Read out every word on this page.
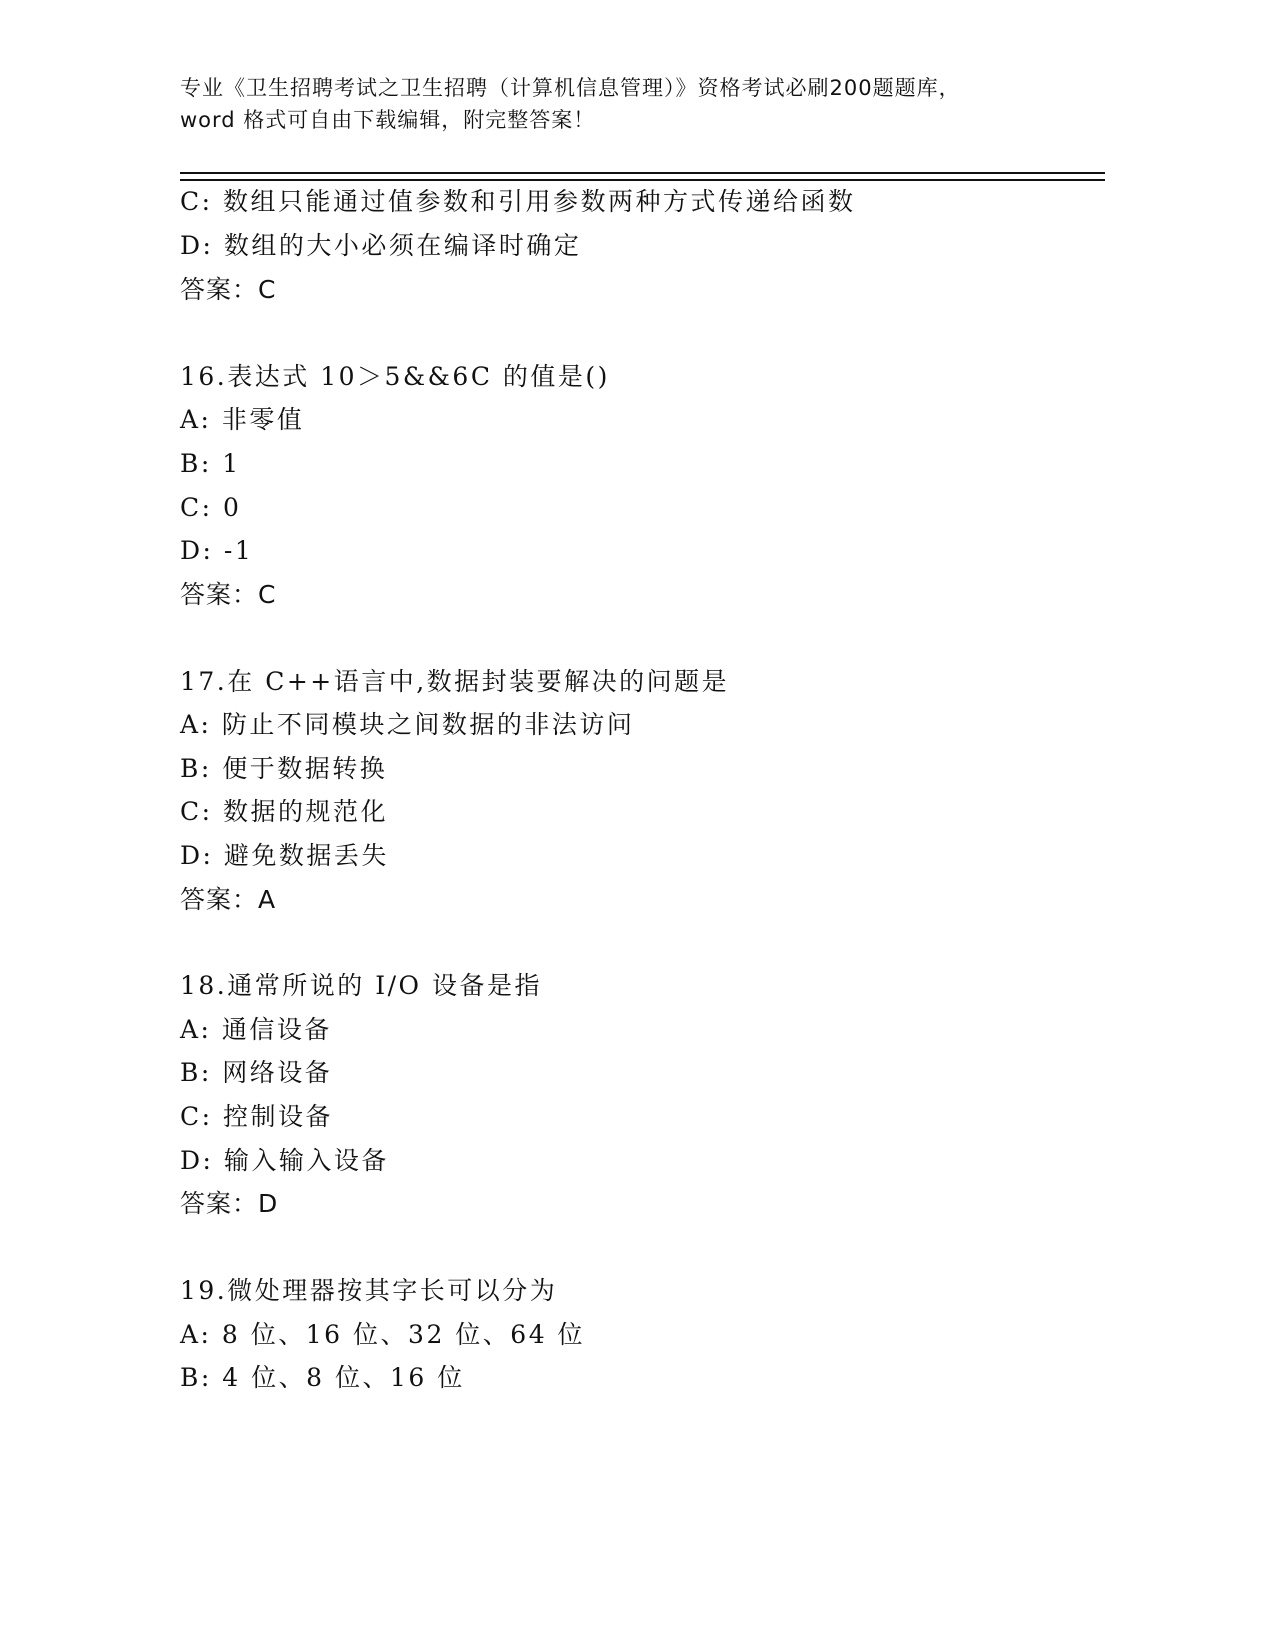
专业《卫生招聘考试之卫生招聘（计算机信息管理）》资格考试必刷200题题库，
word 格式可自由下载编辑，附完整答案！
C: 数组只能通过值参数和引用参数两种方式传递给函数
D: 数组的大小必须在编译时确定
答案：C
16.表达式 10＞5&&6C 的值是()
A: 非零值
B: 1
C: 0
D: -1
答案：C
17.在 C++语言中,数据封装要解决的问题是
A: 防止不同模块之间数据的非法访问
B: 便于数据转换
C: 数据的规范化
D: 避免数据丢失
答案：A
18.通常所说的 I/O 设备是指
A: 通信设备
B: 网络设备
C: 控制设备
D: 输入输入设备
答案：D
19.微处理器按其字长可以分为
A: 8 位、16 位、32 位、64 位
B: 4 位、8 位、16 位
